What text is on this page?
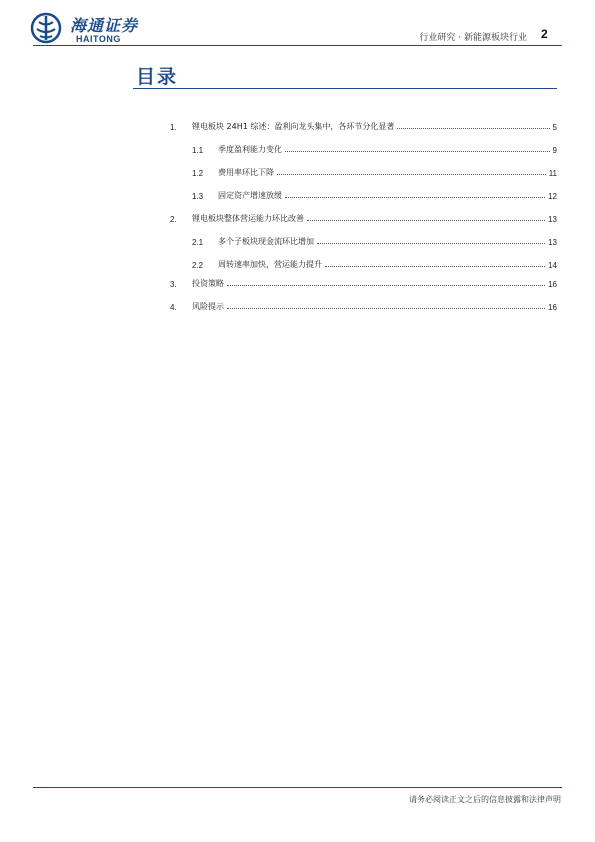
海通证券
HAITONG	行业研究 · 新能源板块行业 2
目录
1.	锂电板块 24H1 综述：盈利向龙头集中，各环节分化显著	5
1.1	季度盈利能力变化	9
1.2	费用率环比下降	11
1.3	固定资产增速放缓	12
2.	锂电板块整体营运能力环比改善	13
2.1	多个子板块现金流环比增加	13
2.2	周转速率加快，营运能力提升	14
3.	投资策略	16
4.	风险提示	16
请务必阅读正文之后的信息披露和法律声明
